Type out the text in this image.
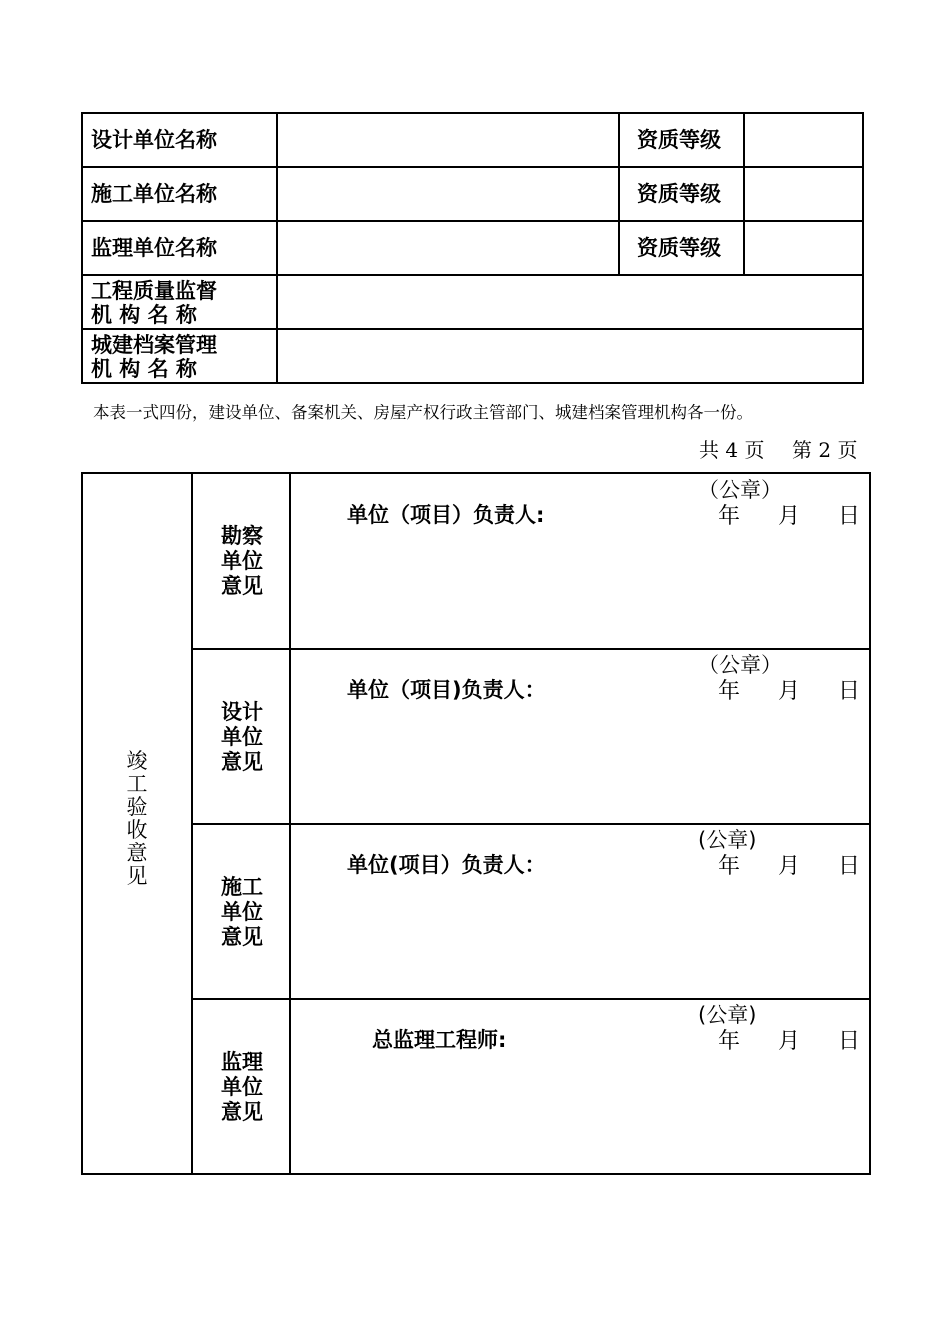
设计单位名称	资质等级
施工单位名称	资质等级
监理单位名称	资质等级
工程质量监督
机 构 名 称
城建档案管理
机 构 名 称
本表一式四份，建设单位、备案机关、房屋产权行政主管部门、城建档案管理机构各一份。
共 4 页 第 2 页
竣工验收意见
勘察单位意见
（公章）
单位（项目）负责人:	年 月 日
设计单位意见
（公章）
单位（项目)负责人：	年 月 日
施工单位意见
(公章)
单位(项目）负责人：	年 月 日
监理单位意见
(公章)
总监理工程师:	年 月 日
